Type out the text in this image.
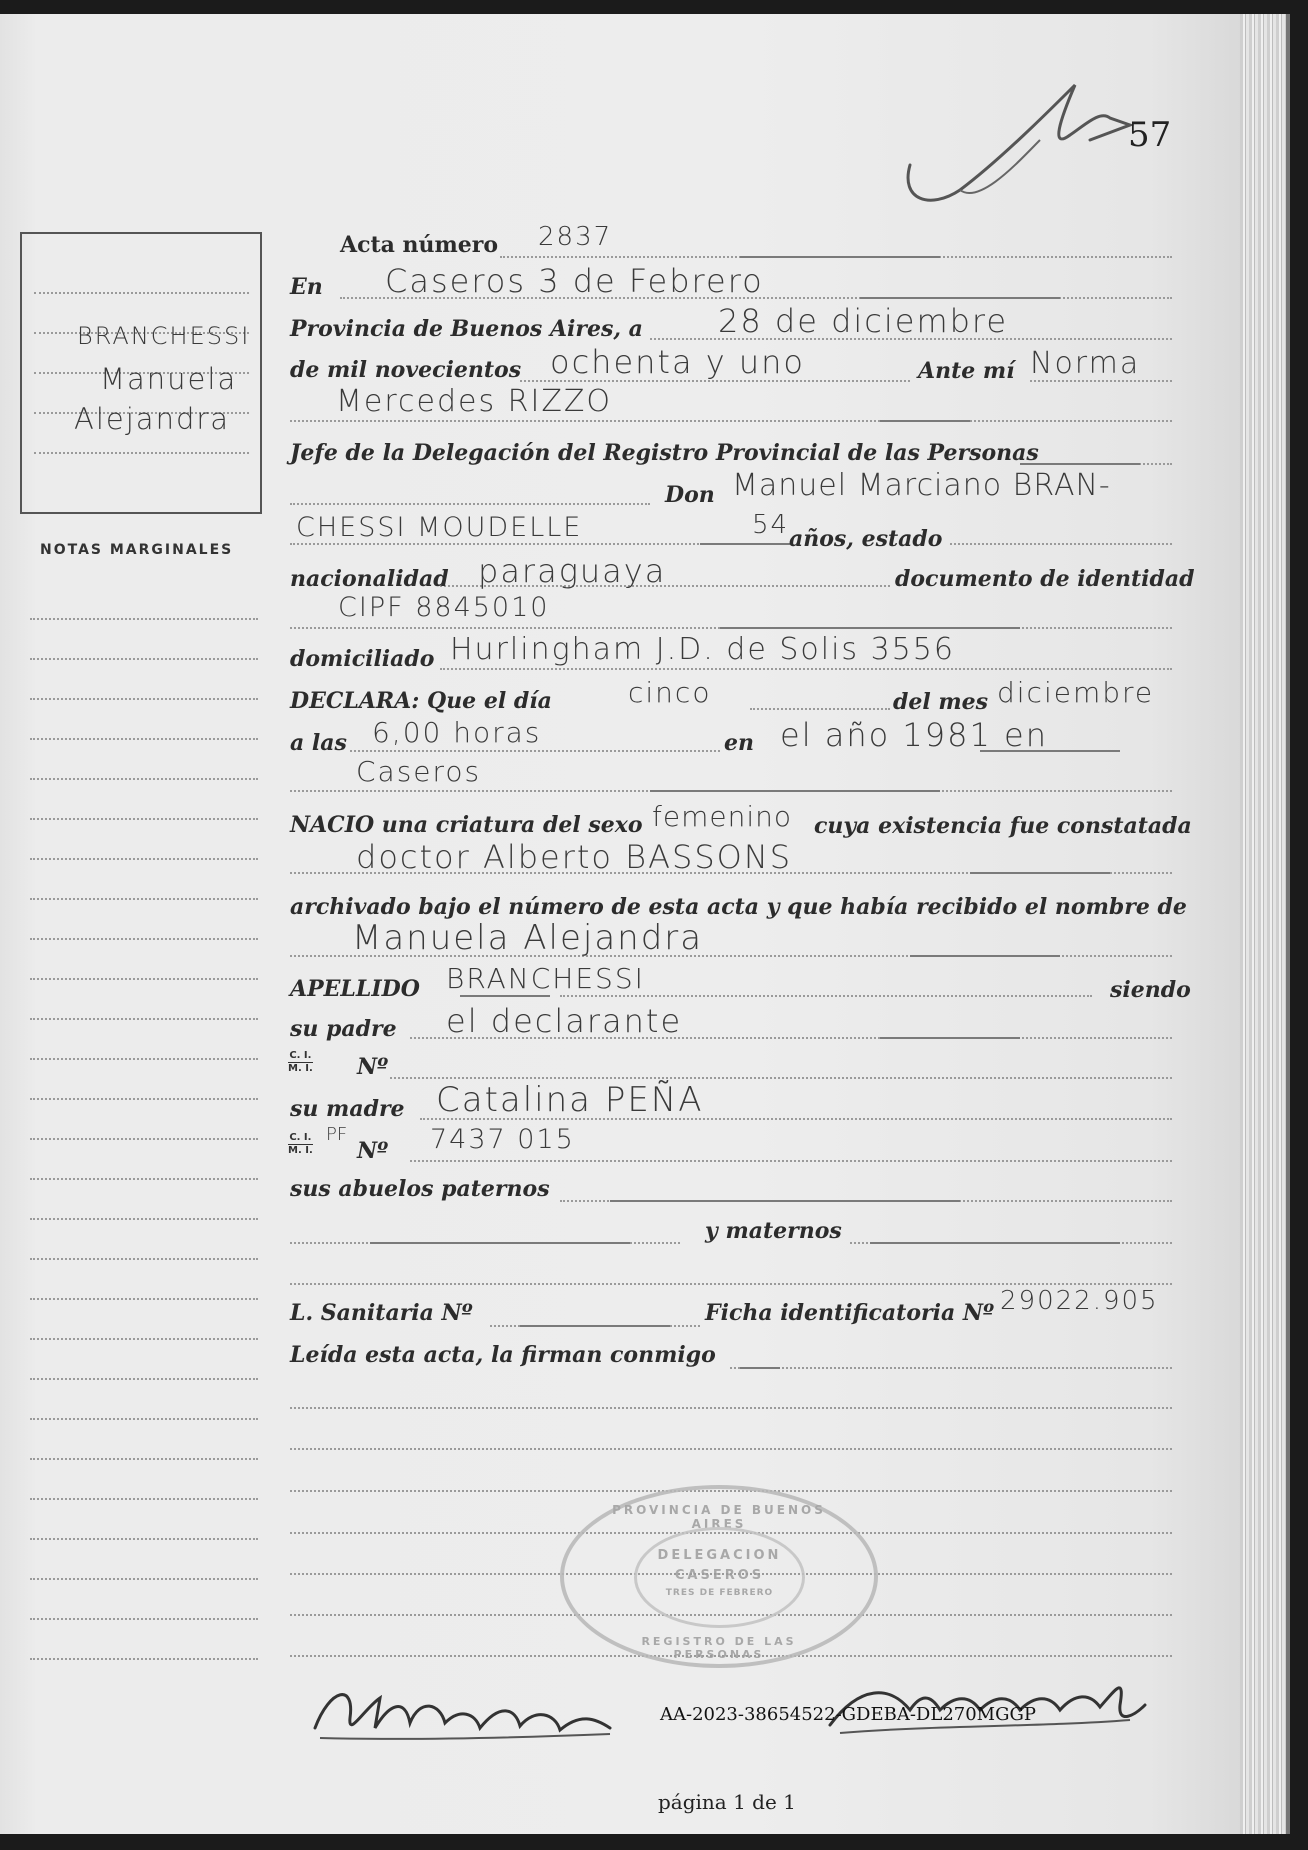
57
BRANCHESSI
Manuela
Alejandra
NOTAS MARGINALES
Acta número 2837
En Caseros 3 de Febrero
Provincia de Buenos Aires, a 28 de diciembre
de mil novecientos ochenta y uno	Ante mí Norma
Mercedes RIZZO
Jefe de la Delegación del Registro Provincial de las Personas
Don Manuel Marciano BRAN-
CHESSI MOUDELLE	54 años, estado
nacionalidad paraguaya	documento de identidad
CIPF 8845010
domiciliado Hurlingham J.D. de Solis 3556
DECLARA: Que el día	cinco	del mes diciembre
a las 6,00 horas	en el año 1981 en
Caseros
NACIO una criatura del sexo femenino cuya existencia fue constatada
doctor Alberto BASSONS
archivado bajo el número de esta acta y que había recibido el nombre de
Manuela Alejandra
APELLIDO BRANCHESSI	siendo
su padre el declarante
C. I.
M. I. Nº
su madre Catalina PEÑA
C. I.
M. I.
PF
Nº 7437 015
sus abuelos paternos
y maternos
L. Sanitaria Nº	Ficha identificatoria Nº 29022.905
Leída esta acta, la firman conmigo
PROVINCIA DE BUENOS AIRES
DELEGACION
CASEROS
TRES DE FEBRERO
REGISTRO DE LAS PERSONAS
AA-2023-38654522-GDEBA-DL270MGGP
página 1 de 1
